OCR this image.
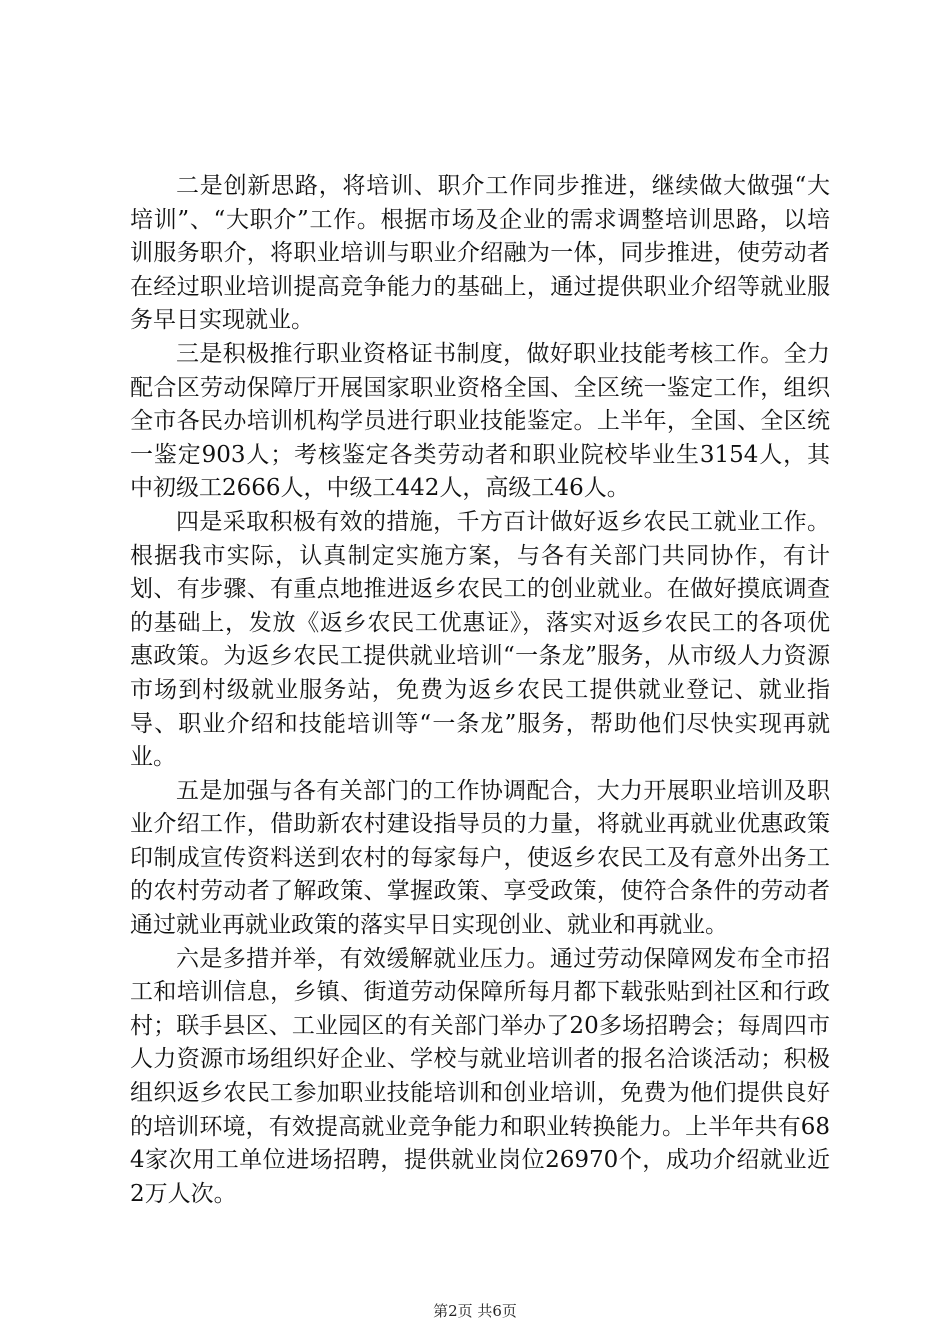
二是创新思路，将培训、职介工作同步推进，继续做大做强“大培训”、“大职介”工作。根据市场及企业的需求调整培训思路，以培训服务职介，将职业培训与职业介绍融为一体，同步推进，使劳动者在经过职业培训提高竞争能力的基础上，通过提供职业介绍等就业服务早日实现就业。

三是积极推行职业资格证书制度，做好职业技能考核工作。全力配合区劳动保障厅开展国家职业资格全国、全区统一鉴定工作，组织全市各民办培训机构学员进行职业技能鉴定。上半年，全国、全区统一鉴定903人；考核鉴定各类劳动者和职业院校毕业生3154人，其中初级工2666人，中级工442人，高级工46人。

四是采取积极有效的措施，千方百计做好返乡农民工就业工作。根据我市实际，认真制定实施方案，与各有关部门共同协作，有计划、有步骤、有重点地推进返乡农民工的创业就业。在做好摸底调查的基础上，发放《返乡农民工优惠证》，落实对返乡农民工的各项优惠政策。为返乡农民工提供就业培训“一条龙”服务，从市级人力资源市场到村级就业服务站，免费为返乡农民工提供就业登记、就业指导、职业介绍和技能培训等“一条龙”服务，帮助他们尽快实现再就业。

五是加强与各有关部门的工作协调配合，大力开展职业培训及职业介绍工作，借助新农村建设指导员的力量，将就业再就业优惠政策印制成宣传资料送到农村的每家每户，使返乡农民工及有意外出务工的农村劳动者了解政策、掌握政策、享受政策，使符合条件的劳动者通过就业再就业政策的落实早日实现创业、就业和再就业。

六是多措并举，有效缓解就业压力。通过劳动保障网发布全市招工和培训信息，乡镇、街道劳动保障所每月都下载张贴到社区和行政村；联手县区、工业园区的有关部门举办了20多场招聘会；每周四市人力资源市场组织好企业、学校与就业培训者的报名洽谈活动；积极组织返乡农民工参加职业技能培训和创业培训，免费为他们提供良好的培训环境，有效提高就业竞争能力和职业转换能力。上半年共有684家次用工单位进场招聘，提供就业岗位26970个，成功介绍就业近2万人次。

第2页 共6页
